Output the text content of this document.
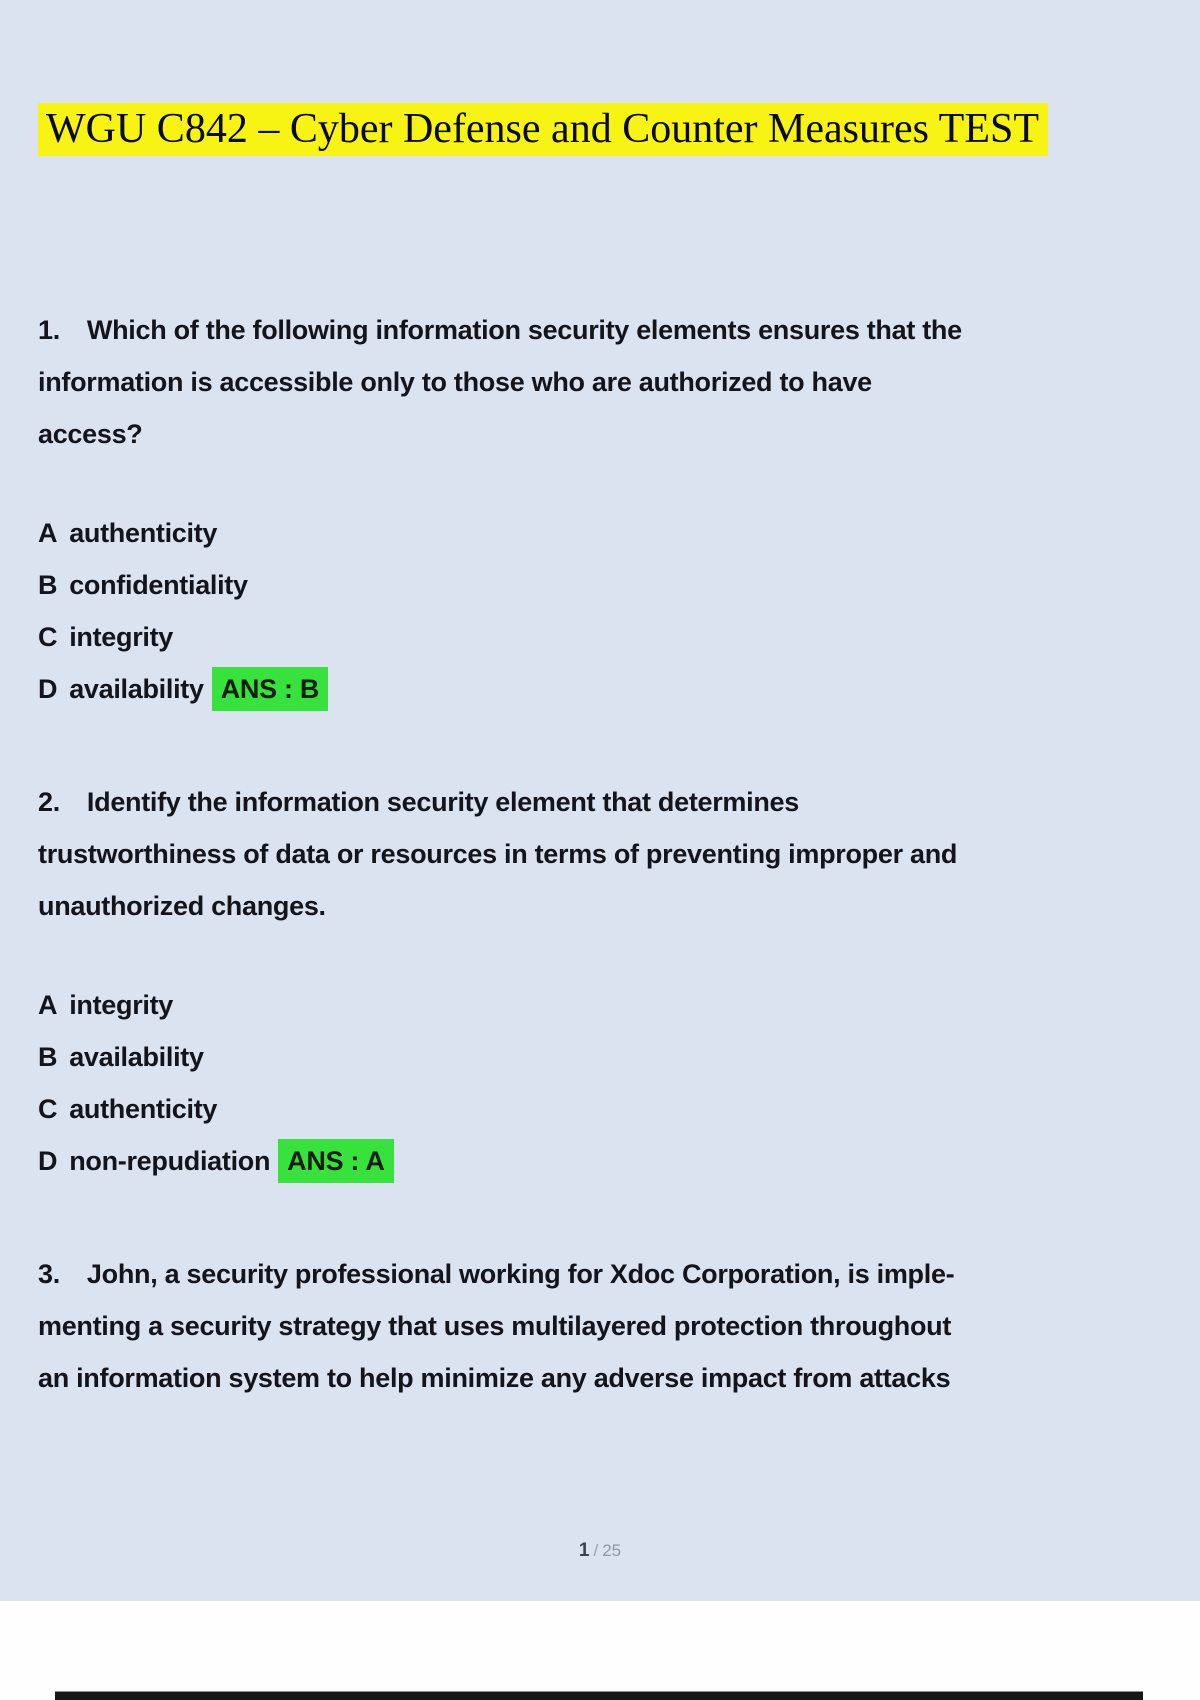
WGU C842 – Cyber Defense and Counter Measures TEST
1. Which of the following information security elements ensures that the
information is accessible only to those who are authorized to have
access?
A authenticity
B confidentiality
C integrity
D availability ANS : B
2. Identify the information security element that determines
trustworthiness of data or resources in terms of preventing improper and
unauthorized changes.
A integrity
B availability
C authenticity
D non-repudiation ANS : A
3. John, a security professional working for Xdoc Corporation, is imple-
menting a security strategy that uses multilayered protection throughout
an information system to help minimize any adverse impact from attacks
1 / 25
